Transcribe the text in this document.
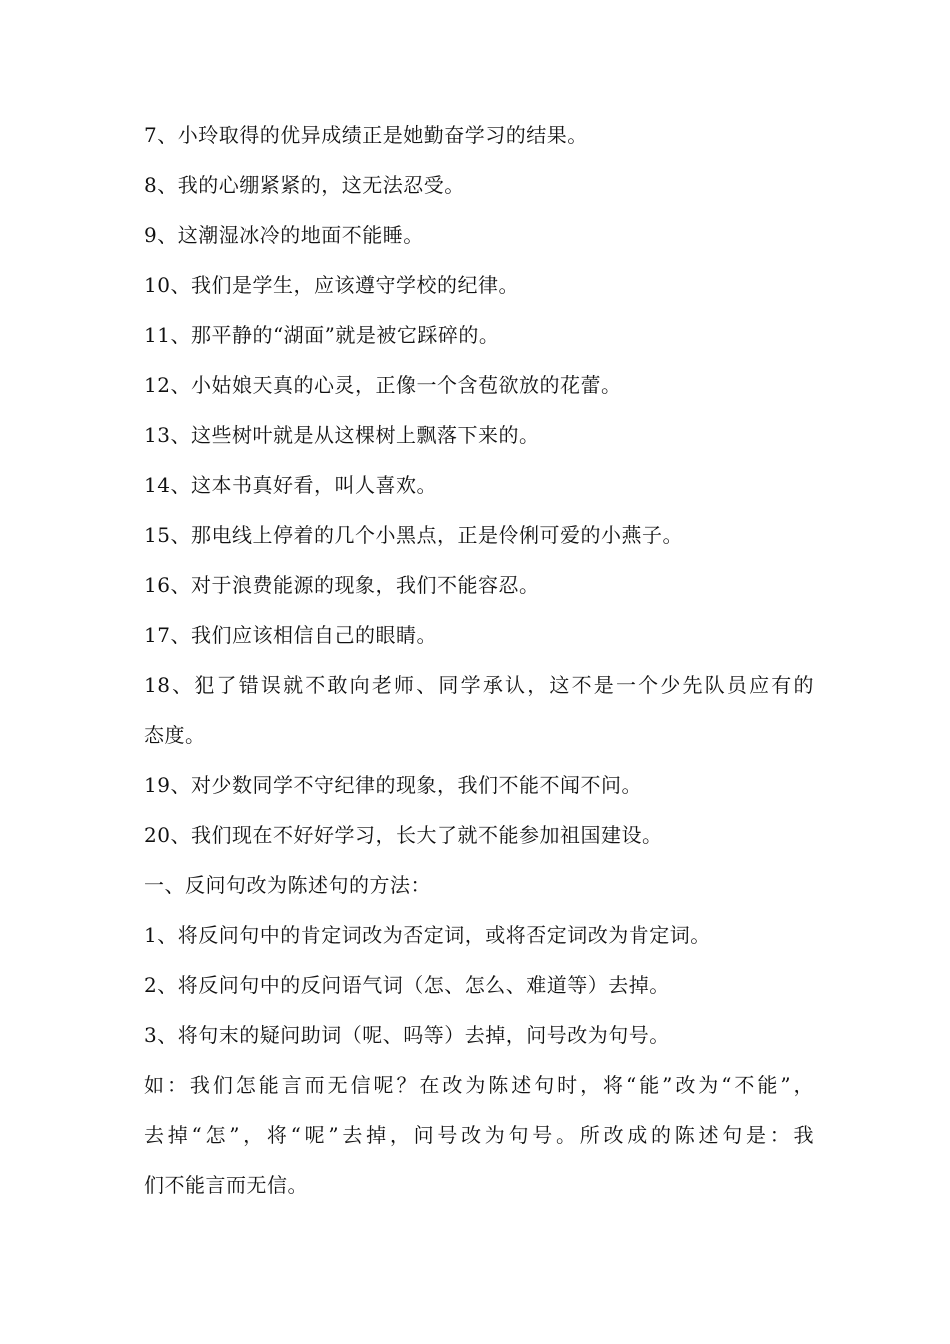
7、小玲取得的优异成绩正是她勤奋学习的结果。
8、我的心绷紧紧的，这无法忍受。
9、这潮湿冰冷的地面不能睡。
10、我们是学生，应该遵守学校的纪律。
11、那平静的“湖面”就是被它踩碎的。
12、小姑娘天真的心灵，正像一个含苞欲放的花蕾。
13、这些树叶就是从这棵树上飘落下来的。
14、这本书真好看，叫人喜欢。
15、那电线上停着的几个小黑点，正是伶俐可爱的小燕子。
16、对于浪费能源的现象，我们不能容忍。
17、我们应该相信自己的眼睛。
18、犯了错误就不敢向老师、同学承认，这不是一个少先队员应有的
态度。
19、对少数同学不守纪律的现象，我们不能不闻不问。
20、我们现在不好好学习，长大了就不能参加祖国建设。
一、反问句改为陈述句的方法：
1、将反问句中的肯定词改为否定词，或将否定词改为肯定词。
2、将反问句中的反问语气词（怎、怎么、难道等）去掉。
3、将句末的疑问助词（呢、吗等）去掉，问号改为句号。
如：我们怎能言而无信呢？在改为陈述句时，将“能”改为“不能”，
去掉“怎”，将“呢”去掉，问号改为句号。所改成的陈述句是：我
们不能言而无信。
